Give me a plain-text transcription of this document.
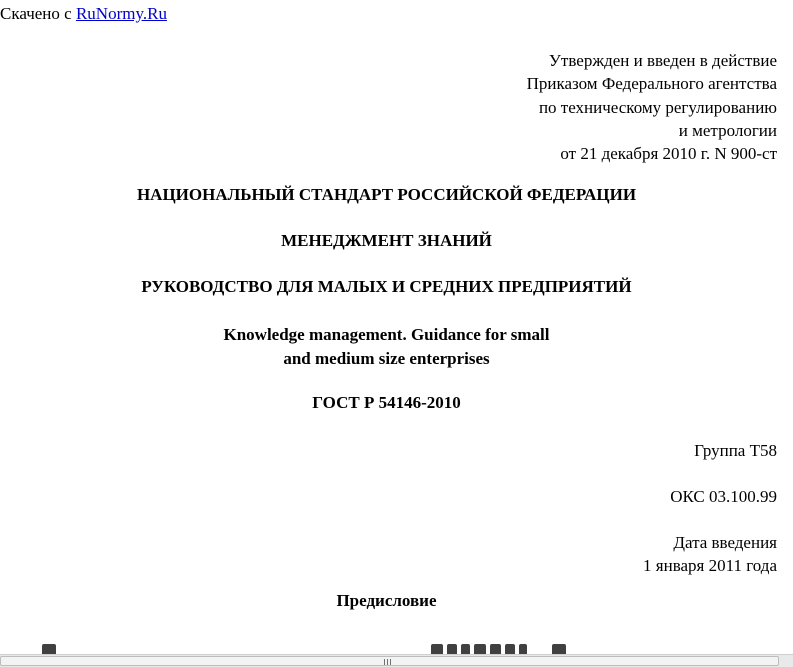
Скачено с RuNormy.Ru
Утвержден и введен в действие
Приказом Федерального агентства
по техническому регулированию
и метрологии
от 21 декабря 2010 г. N 900-ст
НАЦИОНАЛЬНЫЙ СТАНДАРТ РОССИЙСКОЙ ФЕДЕРАЦИИ
МЕНЕДЖМЕНТ ЗНАНИЙ
РУКОВОДСТВО ДЛЯ МАЛЫХ И СРЕДНИХ ПРЕДПРИЯТИЙ
Knowledge management. Guidance for small
and medium size enterprises
ГОСТ Р 54146-2010
Группа Т58
ОКС 03.100.99
Дата введения
1 января 2011 года
Предисловие
